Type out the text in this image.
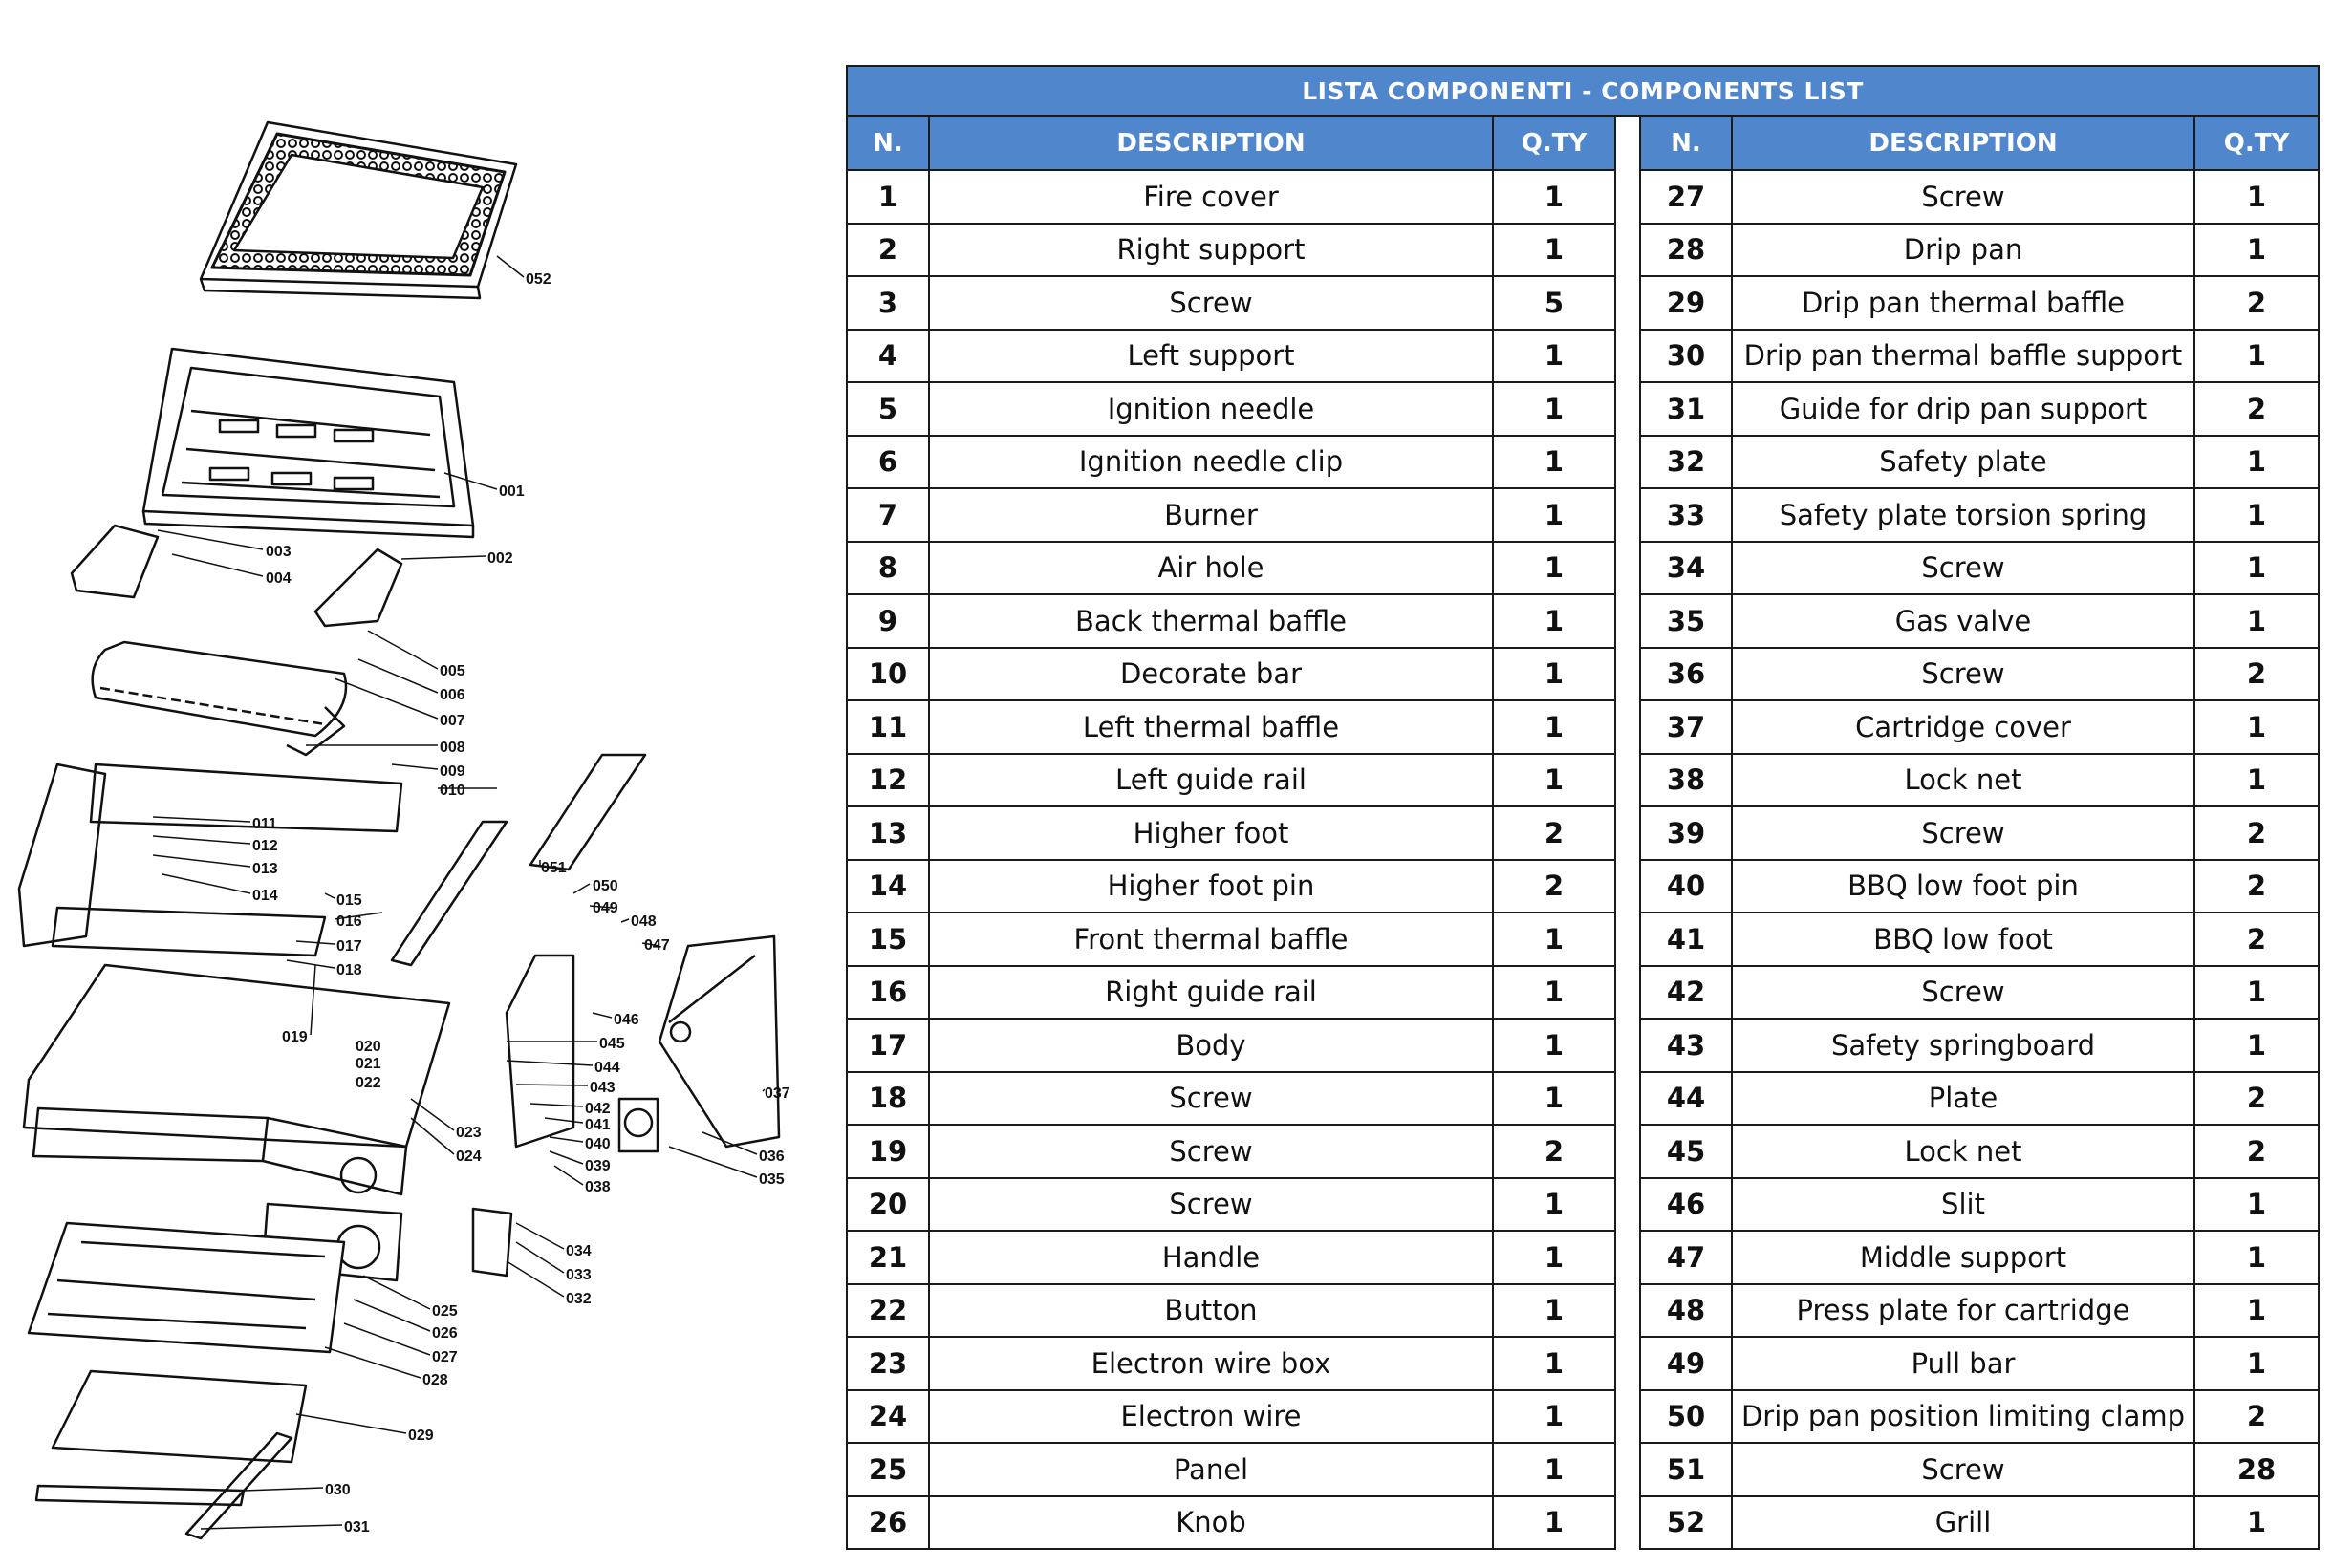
052
001
003
004
002
005
006
007
008
009
010
011
012
013
014
051
050
049
048
047
015
016
017
018
046
019
020
021
022
045
044
043
042
041
040
039
038
037
023
024	036
035
034
033
032
025
026
027
028
029
030
031
LISTA COMPONENTI - COMPONENTS LIST						
N.	DESCRIPTION	Q.TY		N.	DESCRIPTION	Q.TY
1	Fire cover	1		27	Screw	1
2	Right support	1		28	Drip pan	1
3	Screw	5		29	Drip pan thermal baffle	2
4	Left support	1		30	Drip pan thermal baffle support	1
5	Ignition needle	1		31	Guide for drip pan support	2
6	Ignition needle clip	1		32	Safety plate	1
7	Burner	1		33	Safety plate torsion spring	1
8	Air hole	1		34	Screw	1
9	Back thermal baffle	1		35	Gas valve	1
10	Decorate bar	1		36	Screw	2
11	Left thermal baffle	1		37	Cartridge cover	1
12	Left guide rail	1		38	Lock net	1
13	Higher foot	2		39	Screw	2
14	Higher foot pin	2		40	BBQ low foot pin	2
15	Front thermal baffle	1		41	BBQ low foot	2
16	Right guide rail	1		42	Screw	1
17	Body	1		43	Safety springboard	1
18	Screw	1		44	Plate	2
19	Screw	2		45	Lock net	2
20	Screw	1		46	Slit	1
21	Handle	1		47	Middle support	1
22	Button	1		48	Press plate for cartridge	1
23	Electron wire box	1		49	Pull bar	1
24	Electron wire	1		50	Drip pan position limiting clamp	2
25	Panel	1		51	Screw	28
26	Knob	1		52	Grill	1
